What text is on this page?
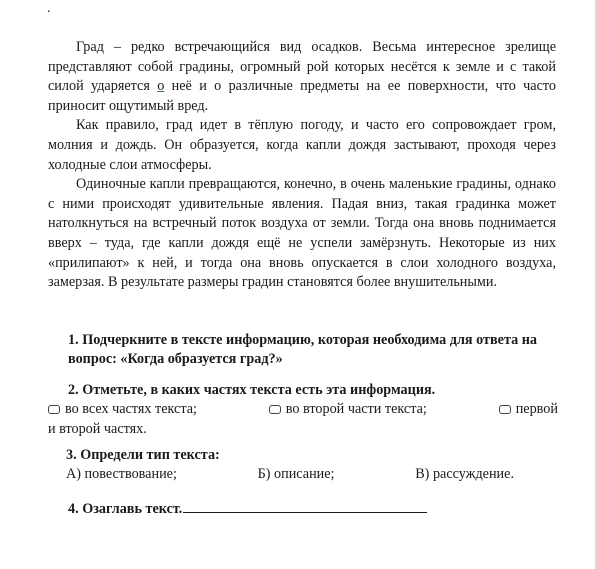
.

Град – редко встречающийся вид осадков. Весьма интересное зрелище представляют собой градины, огромный рой которых несётся к земле и с такой силой ударяется о неё и о различные предметы на ее поверхности, что часто приносит ощутимый вред.

Как правило, град идет в тёплую погоду, и часто его сопровождает гром, молния и дождь. Он образуется, когда капли дождя застывают, проходя через холодные слои атмосферы.

Одиночные капли превращаются, конечно, в очень маленькие градины, однако с ними происходят удивительные явления. Падая вниз, такая градинка может натолкнуться на встречный поток воздуха от земли. Тогда она вновь поднимается вверх – туда, где капли дождя ещё не успели замёрзнуть. Некоторые из них «прилипают» к ней, и тогда она вновь опускается в слои холодного воздуха, замерзая. В результате размеры градин становятся более внушительными.

1. Подчеркните в тексте информацию, которая необходима для ответа на вопрос: «Когда образуется град?»
2. Отметьте, в каких частях текста есть эта информация.
во всех частях текста;	во второй части текста;	первой
и второй частях.
3. Определи тип текста:
А) повествование;	Б) описание;	В) рассуждение.
4. Озаглавь текст.
